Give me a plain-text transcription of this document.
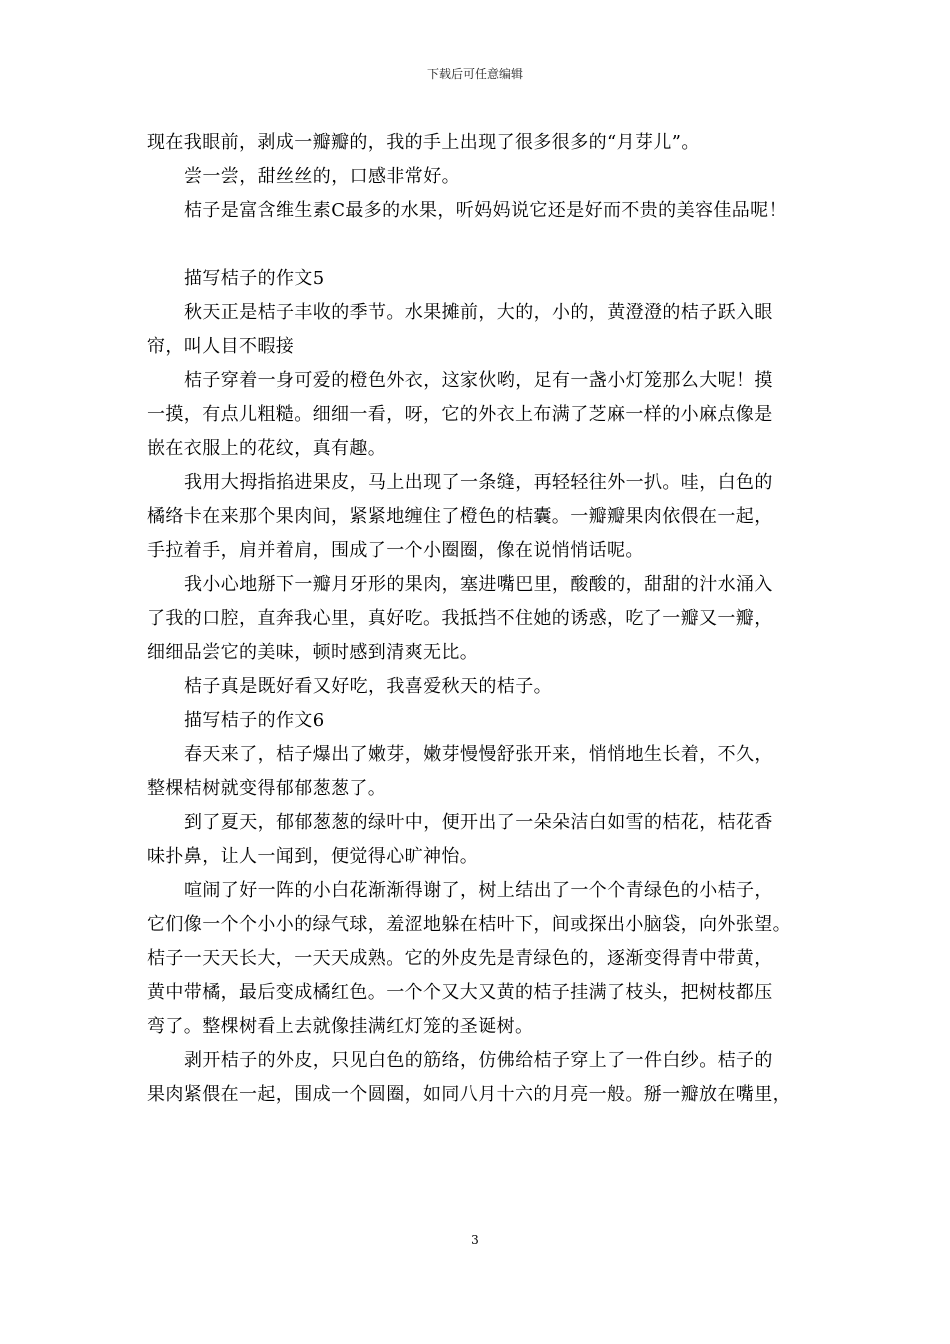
下载后可任意编辑
现在我眼前，剥成一瓣瓣的，我的手上出现了很多很多的“月芽儿”。
尝一尝，甜丝丝的，口感非常好。
桔子是富含维生素C最多的水果，听妈妈说它还是好而不贵的美容佳品呢！
描写桔子的作文5
秋天正是桔子丰收的季节。水果摊前，大的，小的，黄澄澄的桔子跃入眼
帘，叫人目不暇接
桔子穿着一身可爱的橙色外衣，这家伙哟，足有一盏小灯笼那么大呢！摸
一摸，有点儿粗糙。细细一看，呀，它的外衣上布满了芝麻一样的小麻点像是
嵌在衣服上的花纹，真有趣。
我用大拇指掐进果皮，马上出现了一条缝，再轻轻往外一扒。哇，白色的
橘络卡在来那个果肉间，紧紧地缠住了橙色的桔囊。一瓣瓣果肉依偎在一起，
手拉着手，肩并着肩，围成了一个小圈圈，像在说悄悄话呢。
我小心地掰下一瓣月牙形的果肉，塞进嘴巴里，酸酸的，甜甜的汁水涌入
了我的口腔，直奔我心里，真好吃。我抵挡不住她的诱惑，吃了一瓣又一瓣，
细细品尝它的美味，顿时感到清爽无比。
桔子真是既好看又好吃，我喜爱秋天的桔子。
描写桔子的作文6
春天来了，桔子爆出了嫩芽，嫩芽慢慢舒张开来，悄悄地生长着，不久，
整棵桔树就变得郁郁葱葱了。
到了夏天，郁郁葱葱的绿叶中，便开出了一朵朵洁白如雪的桔花，桔花香
味扑鼻，让人一闻到，便觉得心旷神怡。
喧闹了好一阵的小白花渐渐得谢了，树上结出了一个个青绿色的小桔子，
它们像一个个小小的绿气球，羞涩地躲在桔叶下，间或探出小脑袋，向外张望。
桔子一天天长大，一天天成熟。它的外皮先是青绿色的，逐渐变得青中带黄，
黄中带橘，最后变成橘红色。一个个又大又黄的桔子挂满了枝头，把树枝都压
弯了。整棵树看上去就像挂满红灯笼的圣诞树。
剥开桔子的外皮，只见白色的筋络，仿佛给桔子穿上了一件白纱。桔子的
果肉紧偎在一起，围成一个圆圈，如同八月十六的月亮一般。掰一瓣放在嘴里，
3
